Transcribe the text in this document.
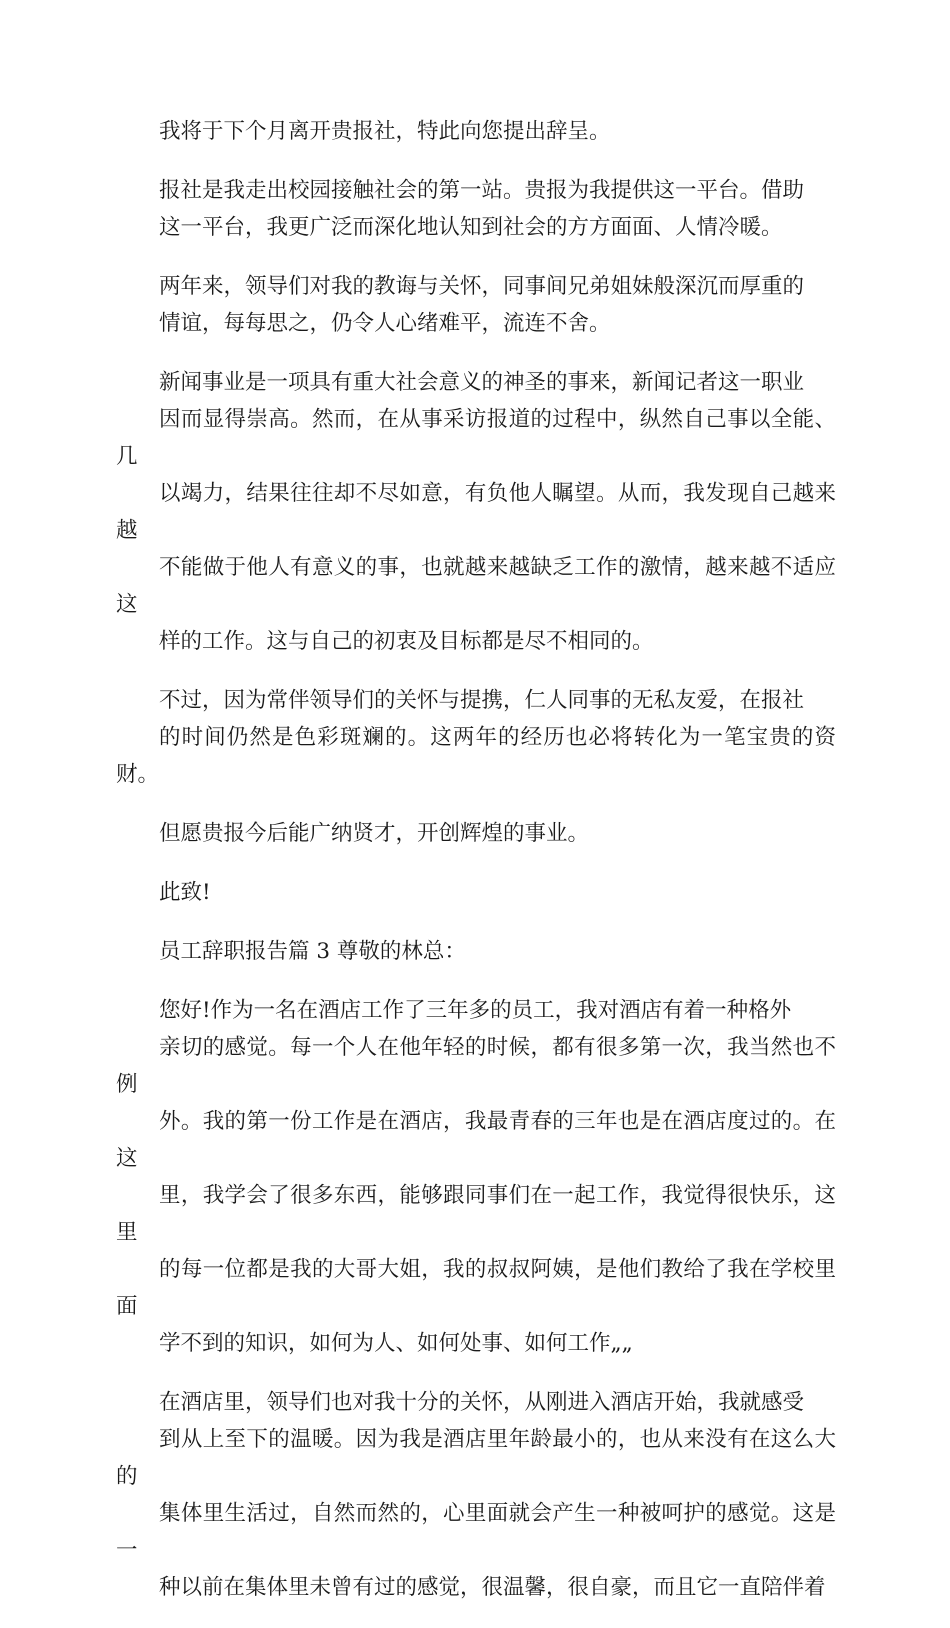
我将于下个月离开贵报社，特此向您提出辞呈。

报社是我走出校园接触社会的第一站。贵报为我提供这一平台。借助
这一平台，我更广泛而深化地认知到社会的方方面面、人情冷暖。

两年来，领导们对我的教诲与关怀，同事间兄弟姐妹般深沉而厚重的
情谊，每每思之，仍令人心绪难平，流连不舍。

新闻事业是一项具有重大社会意义的神圣的事来，新闻记者这一职业
因而显得崇高。然而，在从事采访报道的过程中，纵然自己事以全能、几
以竭力，结果往往却不尽如意，有负他人瞩望。从而，我发现自己越来越
不能做于他人有意义的事，也就越来越缺乏工作的激情，越来越不适应这
样的工作。这与自己的初衷及目标都是尽不相同的。

不过，因为常伴领导们的关怀与提携，仁人同事的无私友爱，在报社
的时间仍然是色彩斑斓的。这两年的经历也必将转化为一笔宝贵的资财。

但愿贵报今后能广纳贤才，开创辉煌的事业。

此致!

员工辞职报告篇 3 尊敬的林总：

您好!作为一名在酒店工作了三年多的员工，我对酒店有着一种格外
亲切的感觉。每一个人在他年轻的时候，都有很多第一次，我当然也不例
外。我的第一份工作是在酒店，我最青春的三年也是在酒店度过的。在这
里，我学会了很多东西，能够跟同事们在一起工作，我觉得很快乐，这里
的每一位都是我的大哥大姐，我的叔叔阿姨，是他们教给了我在学校里面
学不到的知识，如何为人、如何处事、如何工作„„

在酒店里，领导们也对我十分的关怀，从刚进入酒店开始，我就感受
到从上至下的温暖。因为我是酒店里年龄最小的，也从来没有在这么大的
集体里生活过，自然而然的，心里面就会产生一种被呵护的感觉。这是一
种以前在集体里未曾有过的感觉，很温馨，很自豪，而且它一直陪伴着
